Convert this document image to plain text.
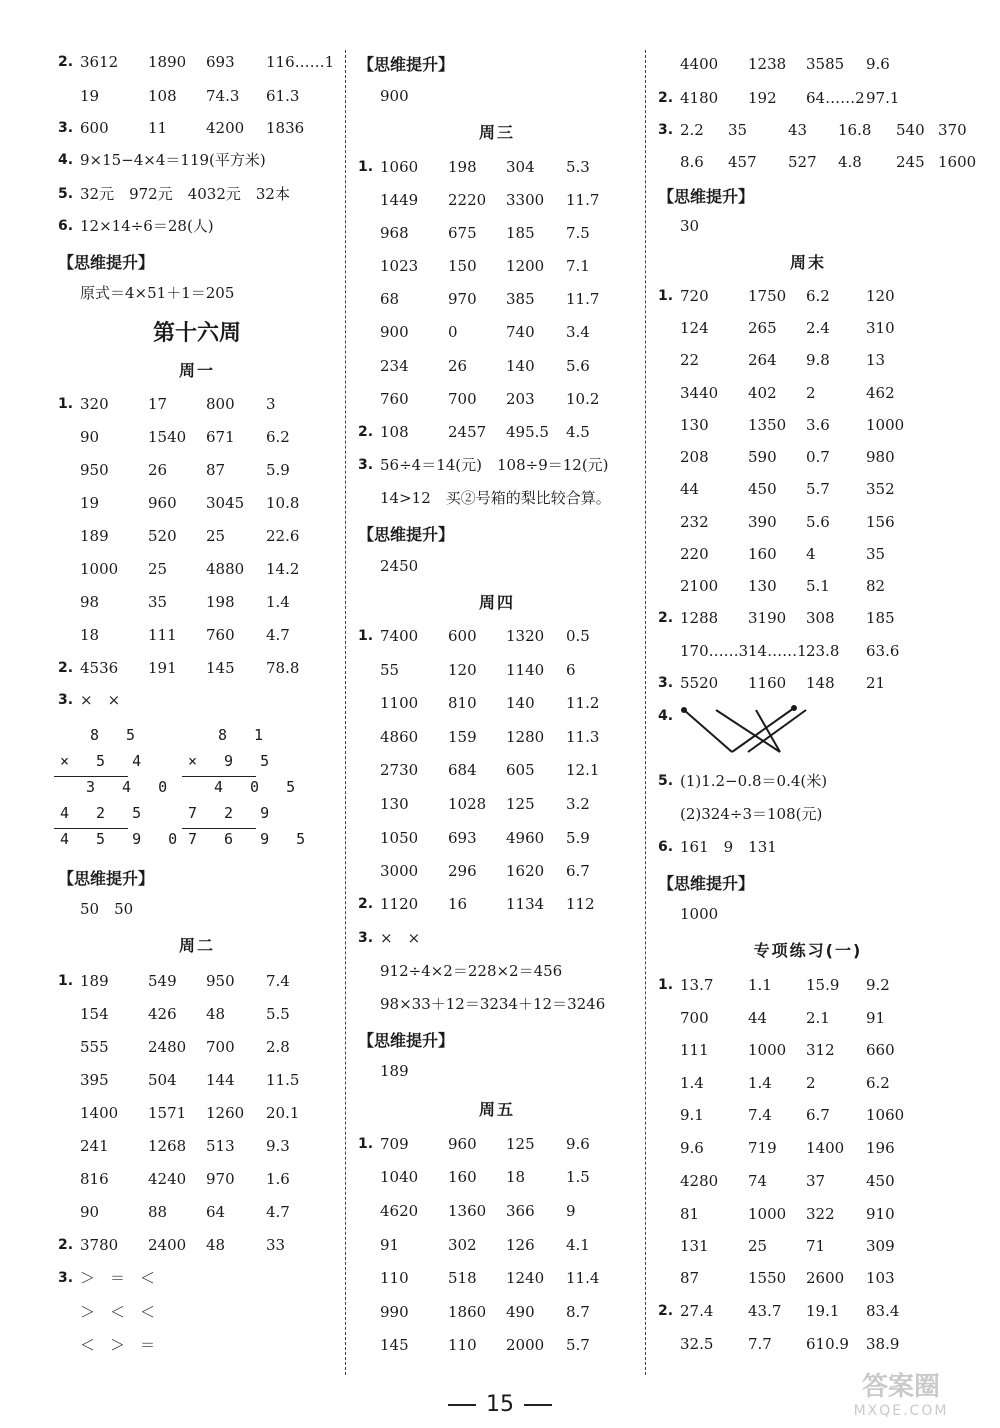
2. 3612 1890 693 116……1
19	108 74.3 61.3
3. 600	11	4200 1836
4. 9×15−4×4＝119(平方米)
5. 32元　972元　4032元　32本
6. 12×14÷6＝28(人)
【思维提升】
原式＝4×51＋1＝205
第十六周
周一
1. 320	17	800 3
90	1540 671 6.2
950	26	87	5.9
19	960 3045 10.8
189	520 25	22.6
1000 25	4880 14.2
98	35	198 1.4
18	111 760 4.7
2. 4536 191 145 78.8
3. ×　×
【思维提升】
50　50
周二
1. 189	549 950 7.4
154	426 48	5.5
555	2480 700 2.8
395	504 144 11.5
1400 1571 1260 20.1
241	1268 513 9.3
816	4240 970 1.6
90	88	64	4.7
2. 3780 2400 48	33
3. ＞　＝　＜
＞　＜　＜
＜　＞　＝
8 5
× 5 4
3 4 0
4 2 5
4 5 9 0
8 1
× 9 5
4 0 5
7 2 9
7 6 9 5
【思维提升】
900
周三
1. 1060 198 304 5.3
1449 2220 3300 11.7
968	675 185 7.5
1023 150 1200 7.1
68	970 385 11.7
900	0	740 3.4
234	26	140 5.6
760	700 203 10.2
2. 108	2457 495.5 4.5
3. 56÷4＝14(元)　108÷9＝12(元)
14>12　买②号箱的梨比较合算。
【思维提升】
2450
周四
1. 7400 600 1320 0.5
55	120 1140 6
1100 810 140 11.2
4860 159 1280 11.3
2730 684 605 12.1
130	1028 125 3.2
1050 693 4960 5.9
3000 296 1620 6.7
2. 1120 16	1134 112
3. ×　×
912÷4×2＝228×2＝456
98×33＋12＝3234＋12＝3246
【思维提升】
189
周五
1. 709	960 125 9.6
1040 160 18	1.5
4620 1360 366 9
91	302 126 4.1
110	518 1240 11.4
990	1860 490 8.7
145	110 2000 5.7
4400 1238 3585 9.6
2. 4180 192 64……2 97.1
3. 2.2 35	43 16.8 540 370
8.6 457 527 4.8 245 1600
【思维提升】
30
周末
1. 720	1750 6.2 120
124	265 2.4 310
22	264 9.8 13
3440 402 2	462
130	1350 3.6 1000
208	590 0.7 980
44	450 5.7 352
232	390 5.6 156
220	160 4	35
2100 130 5.1 82
2. 1288 3190 308 185
170……3 14……1 23.8 63.6
3. 5520 1160 148 21
4.
5. (1)1.2−0.8＝0.4(米)
(2)324÷3＝108(元)
6. 161　9　131
【思维提升】
1000
专项练习(一)
1. 13.7 1.1 15.9 9.2
700	44	2.1 91
111	1000 312 660
1.4	1.4 2	6.2
9.1	7.4 6.7 1060
9.6	719 1400 196
4280 74	37	450
81	1000 322 910
131	25	71	309
87	1550 2600 103
2. 27.4 43.7 19.1 83.4
32.5 7.7 610.9 38.9
15
答案圈
MXQE.COM
